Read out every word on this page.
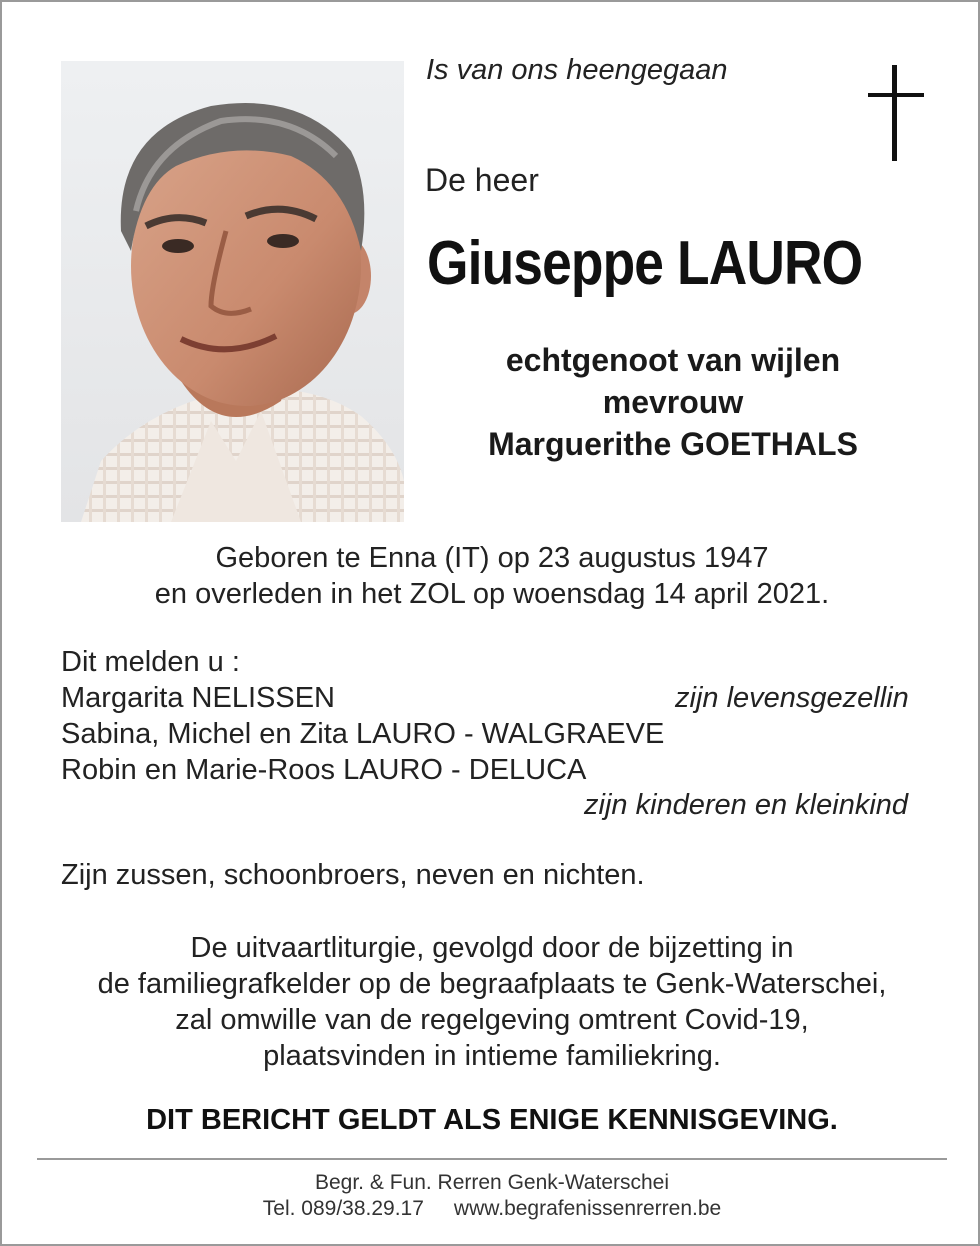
Is van ons heengegaan
De heer
Giuseppe LAURO
echtgenoot van wijlen
mevrouw
Marguerithe GOETHALS
Geboren te Enna (IT) op 23 augustus 1947
en overleden in het ZOL op woensdag 14 april 2021.
Dit melden u :
Margarita NELISSEN	zijn levensgezellin
Sabina, Michel en Zita LAURO - WALGRAEVE
Robin en Marie-Roos LAURO - DELUCA
zijn kinderen en kleinkind
Zijn zussen, schoonbroers, neven en nichten.
De uitvaartliturgie, gevolgd door de bijzetting in
de familiegrafkelder op de begraafplaats te Genk-Waterschei,
zal omwille van de regelgeving omtrent Covid-19,
plaatsvinden in intieme familiekring.
DIT BERICHT GELDT ALS ENIGE KENNISGEVING.
Begr. & Fun. Rerren Genk-Waterschei
Tel. 089/38.29.17 www.begrafenissenrerren.be
